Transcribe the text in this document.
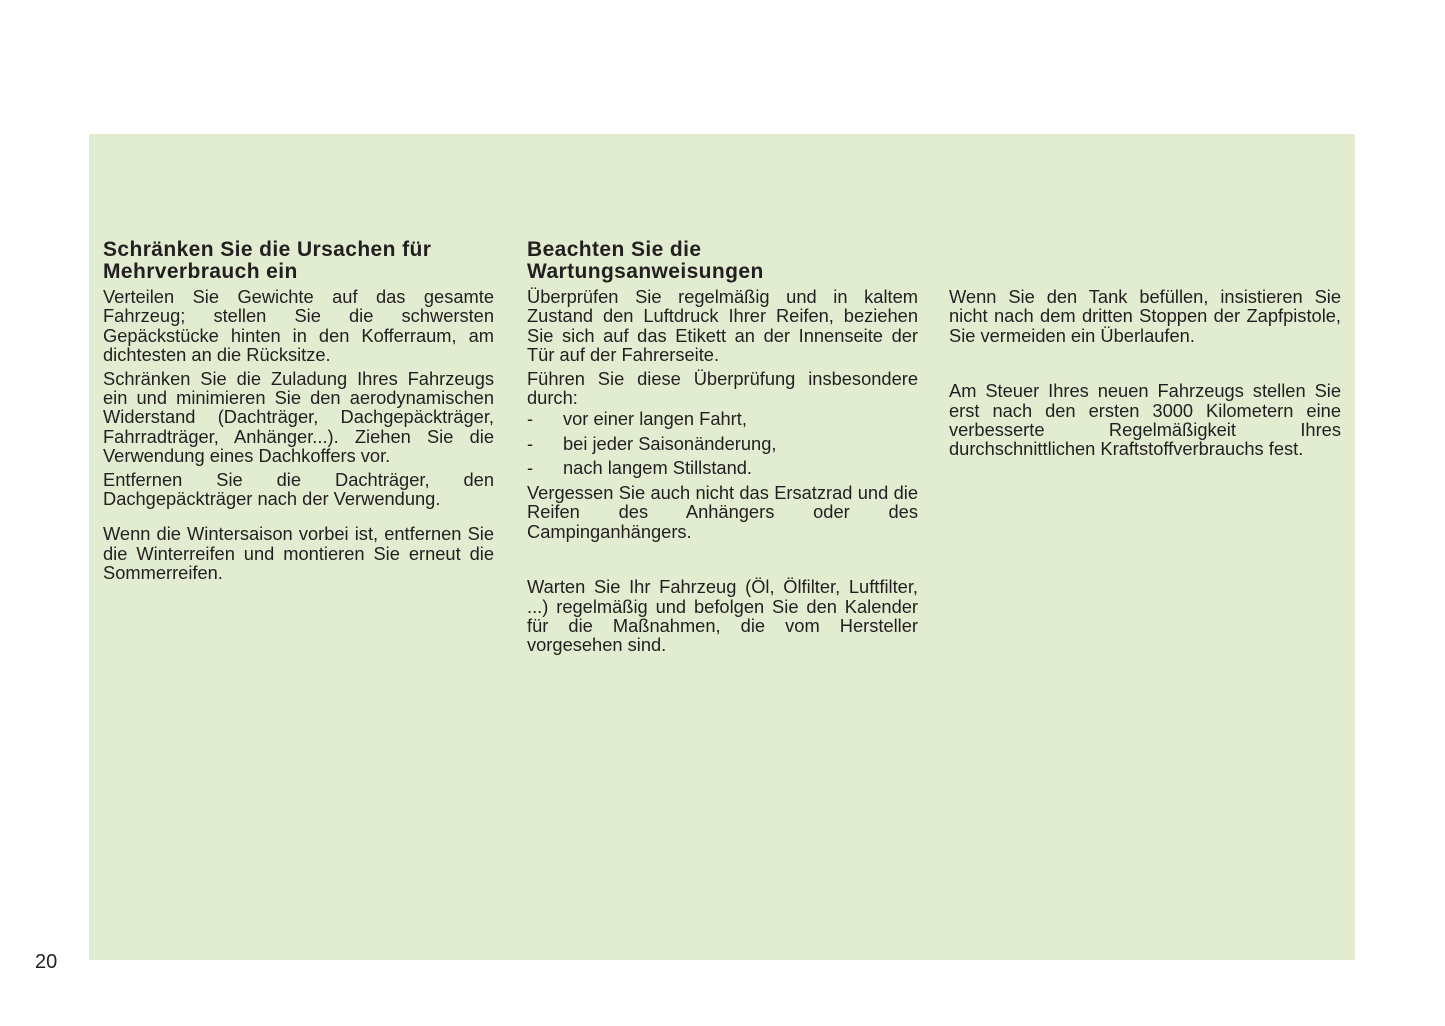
Schränken Sie die Ursachen für Mehrverbrauch ein

Verteilen Sie Gewichte auf das gesamte Fahrzeug; stellen Sie die schwersten Gepäckstücke hinten in den Kofferraum, am dichtesten an die Rücksitze.

Schränken Sie die Zuladung Ihres Fahrzeugs ein und minimieren Sie den aerodynamischen Widerstand (Dachträger, Dachgepäckträger, Fahrradträger, Anhänger...). Ziehen Sie die Verwendung eines Dachkoffers vor.

Entfernen Sie die Dachträger, den Dachgepäckträger nach der Verwendung.

Wenn die Wintersaison vorbei ist, entfernen Sie die Winterreifen und montieren Sie erneut die Sommerreifen.

Beachten Sie die Wartungsanweisungen

Überprüfen Sie regelmäßig und in kaltem Zustand den Luftdruck Ihrer Reifen, beziehen Sie sich auf das Etikett an der Innenseite der Tür auf der Fahrerseite.

Führen Sie diese Überprüfung insbesondere durch:

- vor einer langen Fahrt,
- bei jeder Saisonänderung,
- nach langem Stillstand.

Vergessen Sie auch nicht das Ersatzrad und die Reifen des Anhängers oder des Campinganhängers.

Warten Sie Ihr Fahrzeug (Öl, Ölfilter, Luftfilter, ...) regelmäßig und befolgen Sie den Kalender für die Maßnahmen, die vom Hersteller vorgesehen sind.

Wenn Sie den Tank befüllen, insistieren Sie nicht nach dem dritten Stoppen der Zapfpistole, Sie vermeiden ein Überlaufen.

Am Steuer Ihres neuen Fahrzeugs stellen Sie erst nach den ersten 3000 Kilometern eine verbesserte Regelmäßigkeit Ihres durchschnittlichen Kraftstoffverbrauchs fest.

20
